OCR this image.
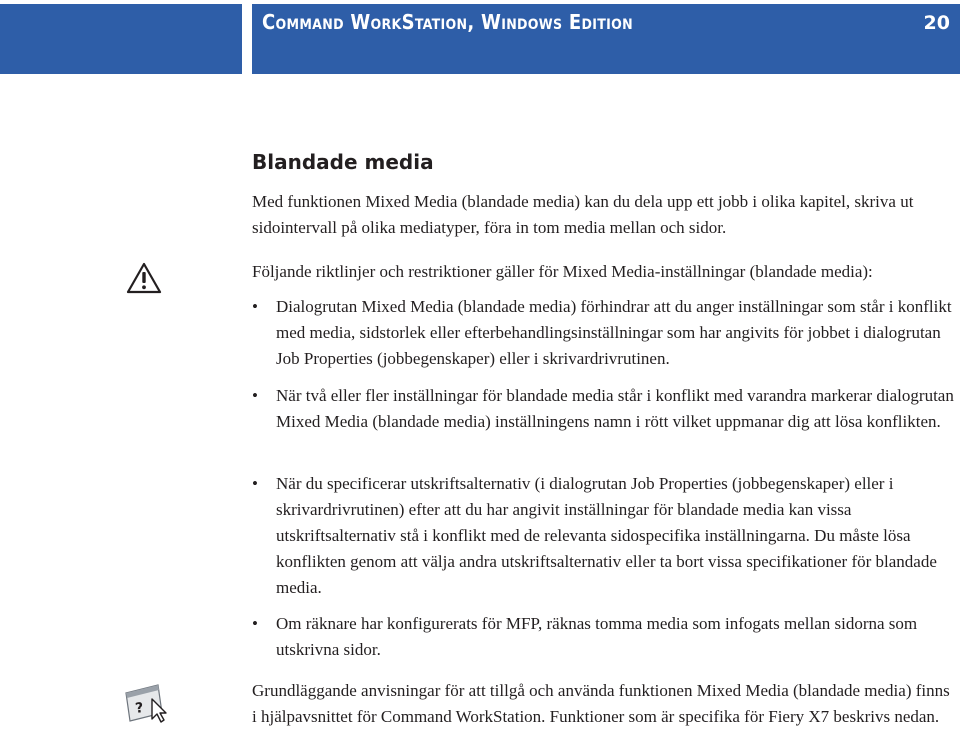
Command WorkStation, Windows Edition	20
Blandade media

Med funktionen Mixed Media (blandade media) kan du dela upp ett jobb i olika kapitel, skriva ut sidointervall på olika mediatyper, föra in tom media mellan och sidor.

Följande riktlinjer och restriktioner gäller för Mixed Media-inställningar (blandade media):

• Dialogrutan Mixed Media (blandade media) förhindrar att du anger inställningar som står i konflikt med media, sidstorlek eller efterbehandlingsinställningar som har angivits för jobbet i dialogrutan Job Properties (jobbegenskaper) eller i skrivardrivrutinen.

• När två eller fler inställningar för blandade media står i konflikt med varandra markerar dialogrutan Mixed Media (blandade media) inställningens namn i rött vilket uppmanar dig att lösa konflikten.

• När du specificerar utskriftsalternativ (i dialogrutan Job Properties (jobbegenskaper) eller i skrivardrivrutinen) efter att du har angivit inställningar för blandade media kan vissa utskriftsalternativ stå i konflikt med de relevanta sidospecifika inställningarna. Du måste lösa konflikten genom att välja andra utskriftsalternativ eller ta bort vissa specifikationer för blandade media.

• Om räknare har konfigurerats för MFP, räknas tomma media som infogats mellan sidorna som utskrivna sidor.

?

Grundläggande anvisningar för att tillgå och använda funktionen Mixed Media (blandade media) finns i hjälpavsnittet för Command WorkStation. Funktioner som är specifika för Fiery X7 beskrivs nedan.
